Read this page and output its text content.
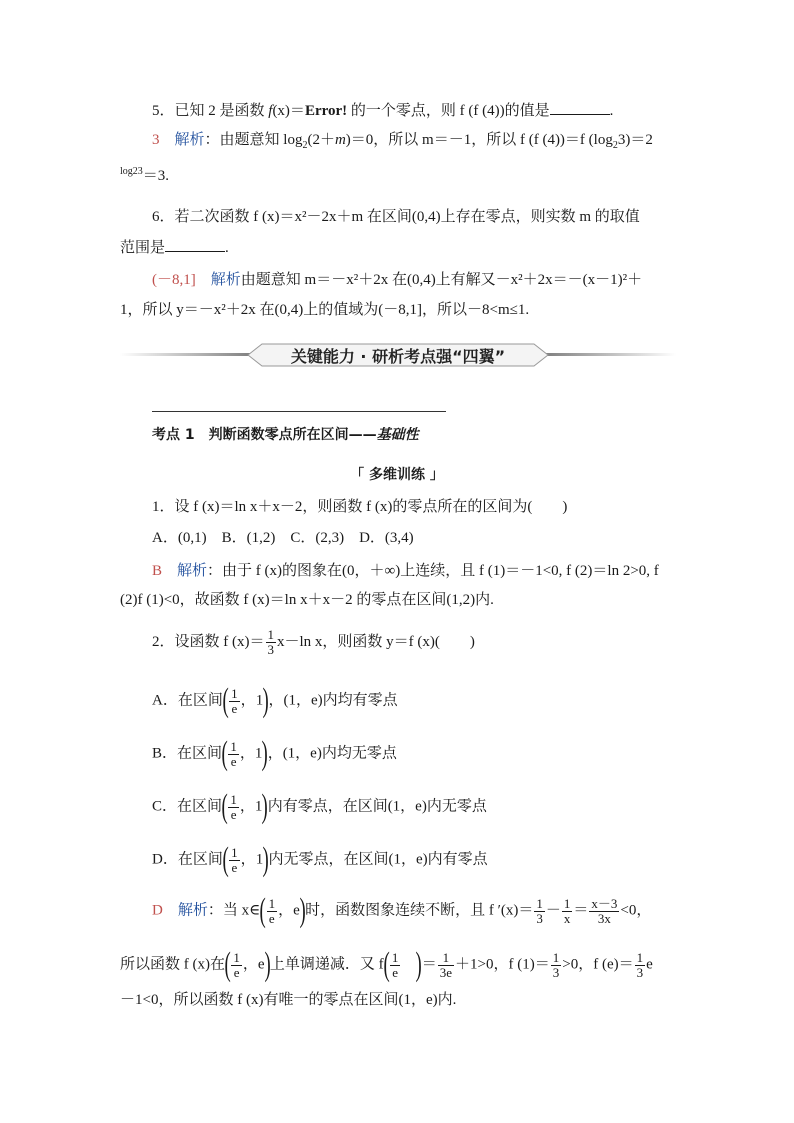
5．已知 2 是函数 f(x)＝Error! 的一个零点，则 f (f (4))的值是	.
3　 解析：由题意知 $\log_2(2+m)=0$，所以 m＝－1，所以 f (f (4))＝f $(\log_23)=2$
$^{log23}$＝3.
6．若二次函数 f (x)＝x²－2x＋m 在区间(0,4)上存在零点，则实数 m 的取值
范围是	.
(－8,1]　 解析由题意知 m＝－x²＋2x 在(0,4)上有解又－x²＋2x＝－(x－1)²＋
1，所以 y＝－x²＋2x 在(0,4)上的值域为(－8,1]，所以－8<m≤1.
关键能力 · 研析考点强“四翼”
考点 1　判断函数零点所在区间——基础性
「 多维训练 」
1．设 f (x)＝ln x＋x－2，则函数 f (x)的零点所在的区间为(　　)
A．(0,1)　B．(1,2)　C．(2,3)　D．(3,4)
B　 解析：由于 f (x)的图象在(0，＋∞)上连续，且 f (1)＝－1<0, f (2)＝ln 2>0, f
(2)f (1)<0，故函数 f (x)＝ln x＋x－2 的零点在区间(1,2)内.
2．设函数 f $(x)= \frac{1}{3} x-\ln$ x，则函数 y＝f (x)(　　)
A．在区间( $\frac{1}{e}$ ，1)，(1，e)内均有零点
B．在区间( $\frac{1}{e}$ ，1)，(1，e)内均无零点
C．在区间( $\frac{1}{e}$ ，1)内有零点，在区间(1，e)内无零点
D．在区间( $\frac{1}{e}$ ，1)内无零点，在区间(1，e)内有零点
D　 解析：当 x∈( $\frac{1}{e}$ ，e)时，函数图象连续不断，且 f $'(x)= \frac{1}{3} - \frac{1}{x} = \frac{x-3}{3x} <0$，
所以函数 f (x)在( $\frac{1}{e}$ ，e)上单调递减．又 $f( \frac{1}{e}$
  )＝ $\frac{1}{3e} +1>0$，f $(1)= \frac{1}{3} >0$，f $(e)= \frac{1}{3}$ e
－1<0，所以函数 f (x)有唯一的零点在区间(1，e)内.
